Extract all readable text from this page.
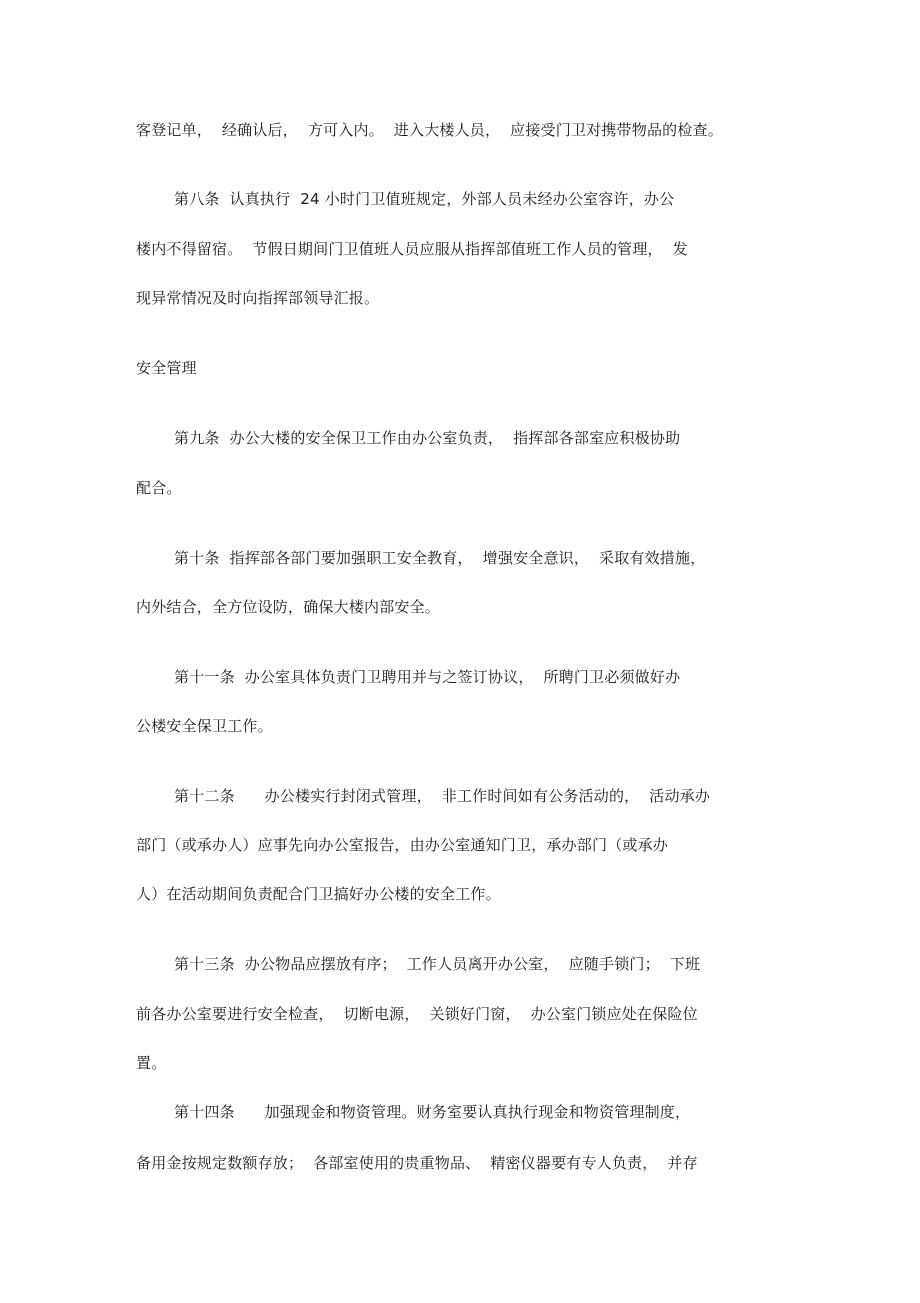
客登记单，  经确认后，  方可入内。  进入大楼人员，  应接受门卫对携带物品的检查。
第八条  认真执行  24 小时门卫值班规定，外部人员未经办公室容许，办公
楼内不得留宿。  节假日期间门卫值班人员应服从指挥部值班工作人员的管理，  发
现异常情况及时向指挥部领导汇报。
安全管理
第九条  办公大楼的安全保卫工作由办公室负责，  指挥部各部室应积极协助
配合。
第十条  指挥部各部门要加强职工安全教育，  增强安全意识，  采取有效措施，
内外结合，全方位设防，确保大楼内部安全。
第十一条  办公室具体负责门卫聘用并与之签订协议，  所聘门卫必须做好办
公楼安全保卫工作。
第十二条      办公楼实行封闭式管理，  非工作时间如有公务活动的，  活动承办
部门（或承办人）应事先向办公室报告，由办公室通知门卫，承办部门（或承办
人）在活动期间负责配合门卫搞好办公楼的安全工作。
第十三条  办公物品应摆放有序；  工作人员离开办公室，  应随手锁门；  下班
前各办公室要进行安全检查，  切断电源，  关锁好门窗，  办公室门锁应处在保险位
置。
第十四条      加强现金和物资管理。财务室要认真执行现金和物资管理制度，
备用金按规定数额存放；  各部室使用的贵重物品、  精密仪器要有专人负责，  并存
